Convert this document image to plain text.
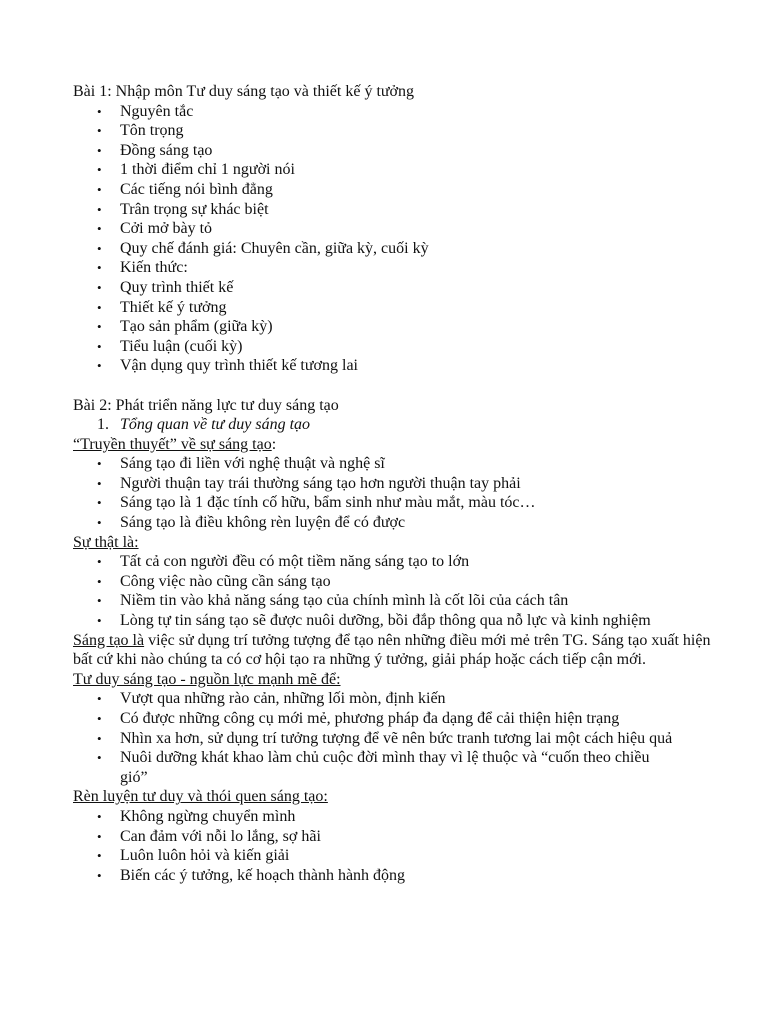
Bài 1: Nhập môn Tư duy sáng tạo và thiết kế ý tưởng

• Nguyên tắc
• Tôn trọng
• Đồng sáng tạo
• 1 thời điểm chỉ 1 người nói
• Các tiếng nói bình đẳng
• Trân trọng sự khác biệt
• Cởi mở bày tỏ
• Quy chế đánh giá: Chuyên cần, giữa kỳ, cuối kỳ
• Kiến thức:
• Quy trình thiết kế
• Thiết kế ý tưởng
• Tạo sản phẩm (giữa kỳ)
• Tiểu luận (cuối kỳ)
• Vận dụng quy trình thiết kế tương lai

Bài 2: Phát triển năng lực tư duy sáng tạo

1. Tổng quan về tư duy sáng tạo

“Truyền thuyết” về sự sáng tạo:

• Sáng tạo đi liền với nghệ thuật và nghệ sĩ
• Người thuận tay trái thường sáng tạo hơn người thuận tay phải
• Sáng tạo là 1 đặc tính cố hữu, bẩm sinh như màu mắt, màu tóc…
• Sáng tạo là điều không rèn luyện để có được

Sự thật là:

• Tất cả con người đều có một tiềm năng sáng tạo to lớn
• Công việc nào cũng cần sáng tạo
• Niềm tin vào khả năng sáng tạo của chính mình là cốt lõi của cách tân
• Lòng tự tin sáng tạo sẽ được nuôi dưỡng, bồi đắp thông qua nỗ lực và kinh nghiệm

Sáng tạo là việc sử dụng trí tưởng tượng để tạo nên những điều mới mẻ trên TG. Sáng tạo xuất hiện bất cứ khi nào chúng ta có cơ hội tạo ra những ý tưởng, giải pháp hoặc cách tiếp cận mới.

Tư duy sáng tạo - nguồn lực mạnh mẽ để:

• Vượt qua những rào cản, những lối mòn, định kiến
• Có được những công cụ mới mẻ, phương pháp đa dạng để cải thiện hiện trạng
• Nhìn xa hơn, sử dụng trí tưởng tượng để vẽ nên bức tranh tương lai một cách hiệu quả
• Nuôi dưỡng khát khao làm chủ cuộc đời mình thay vì lệ thuộc và “cuốn theo chiều gió”

Rèn luyện tư duy và thói quen sáng tạo:

• Không ngừng chuyển mình
• Can đảm với nỗi lo lắng, sợ hãi
• Luôn luôn hỏi và kiến giải
• Biến các ý tưởng, kế hoạch thành hành động
